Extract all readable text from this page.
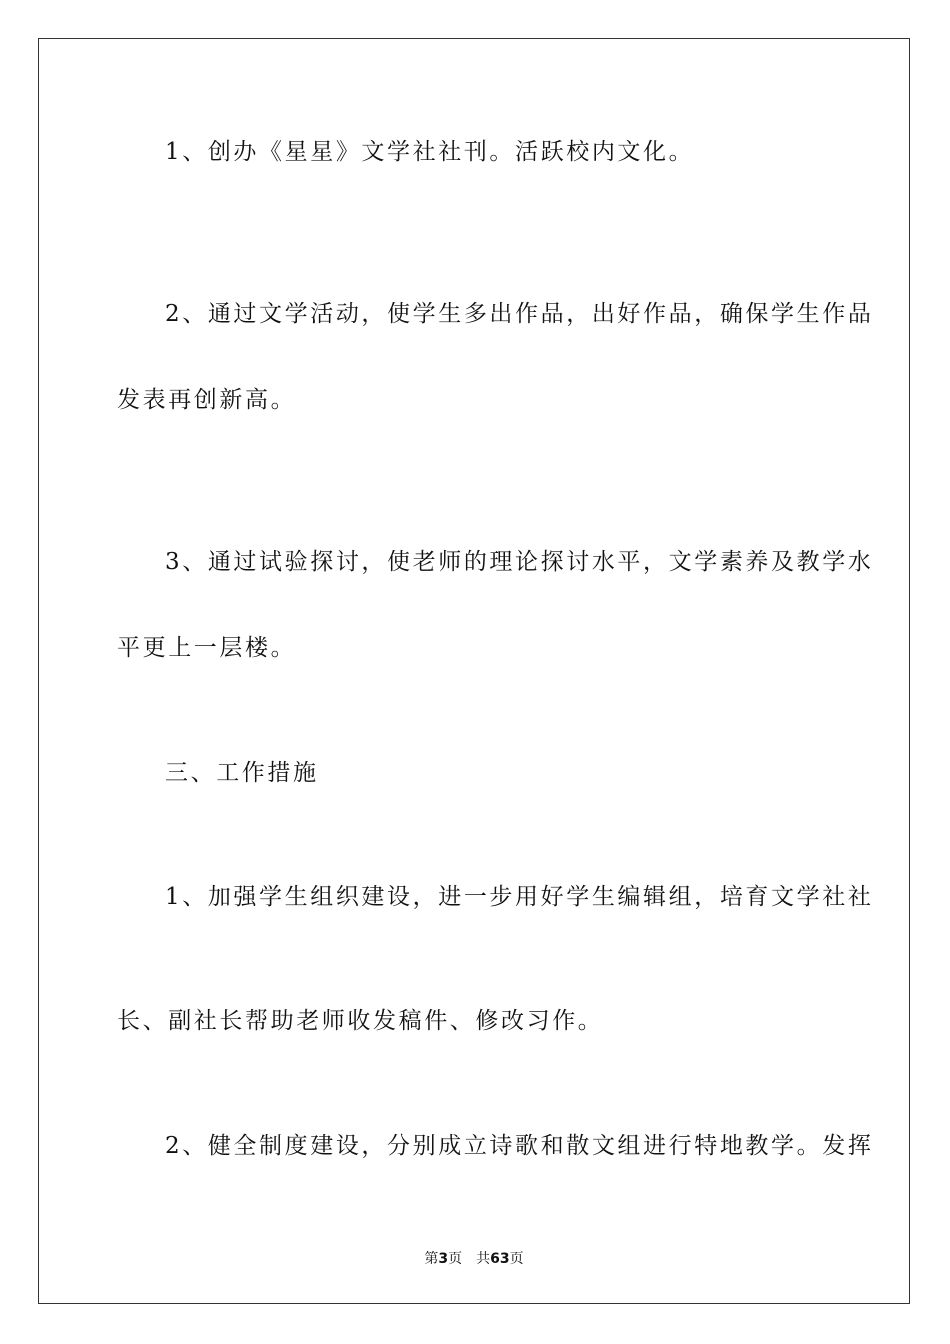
1、创办《星星》文学社社刊。活跃校内文化。
2、通过文学活动，使学生多出作品，出好作品，确保学生作品
发表再创新高。
3、通过试验探讨，使老师的理论探讨水平，文学素养及教学水
平更上一层楼。
三、工作措施
1、加强学生组织建设，进一步用好学生编辑组，培育文学社社
长、副社长帮助老师收发稿件、修改习作。
2、健全制度建设，分别成立诗歌和散文组进行特地教学。发挥
第3页 共63页
